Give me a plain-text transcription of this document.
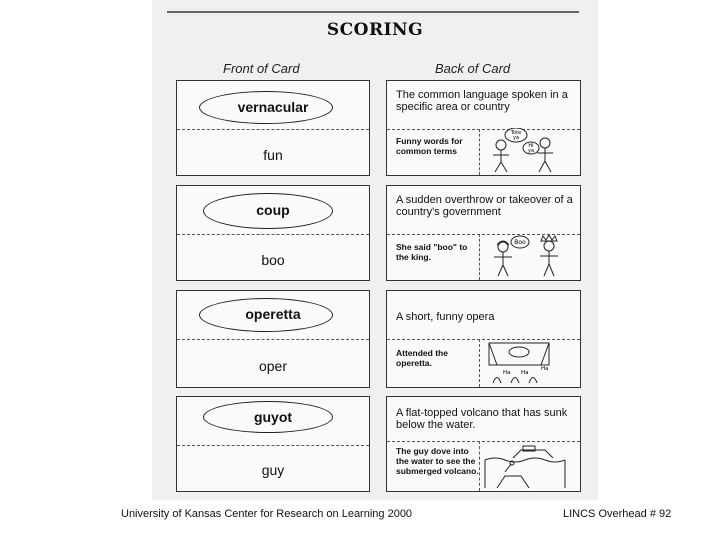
SCORING
Front of Card	Back of Card
vernacular
fun
The common language spoken in a specific area or country
Funny words for common terms
Tote
ya
Hi
ya
coup
boo
A sudden overthrow or takeover of a country's government
She said "boo" to the king.
Boo
operetta
oper
A short, funny opera
Attended the operetta.
Ha Ha
Ha
guyot
guy
A flat-topped volcano that has sunk below the water.
The guy dove into the water to see the submerged volcano.
University of Kansas Center for Research on Learning 2000	LINCS Overhead # 92
